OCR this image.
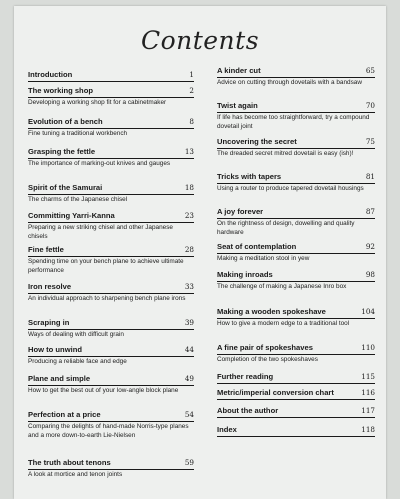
Contents
Introduction	1
The working shop	2
Developing a working shop fit for a cabinetmaker
Evolution of a bench	8
Fine tuning a traditional workbench
Grasping the fettle	13
The importance of marking-out knives and gauges
Spirit of the Samurai	18
The charms of the Japanese chisel
Committing Yarri-Kanna	23
Preparing a new striking chisel and other Japanese chisels
Fine fettle	28
Spending time on your bench plane to achieve ultimate performance
Iron resolve	33
An individual approach to sharpening bench plane irons
Scraping in	39
Ways of dealing with difficult grain
How to unwind	44
Producing a reliable face and edge
Plane and simple	49
How to get the best out of your low-angle block plane
Perfection at a price	54
Comparing the delights of hand-made Norris-type planes and a more down-to-earth Lie-Nielsen
The truth about tenons	59
A look at mortice and tenon joints
A kinder cut	65
Advice on cutting through dovetails with a bandsaw
Twist again	70
If life has become too straightforward, try a compound dovetail joint
Uncovering the secret	75
The dreaded secret mitred dovetail is easy (ish)!
Tricks with tapers	81
Using a router to produce tapered dovetail housings
A joy forever	87
On the rightness of design, dowelling and quality hardware
Seat of contemplation	92
Making a meditation stool in yew
Making inroads	98
The challenge of making a Japanese Inro box
Making a wooden spokeshave	104
How to give a modern edge to a traditional tool
A fine pair of spokeshaves	110
Completion of the two spokeshaves
Further reading	115
Metric/imperial conversion chart	116
About the author	117
Index	118
